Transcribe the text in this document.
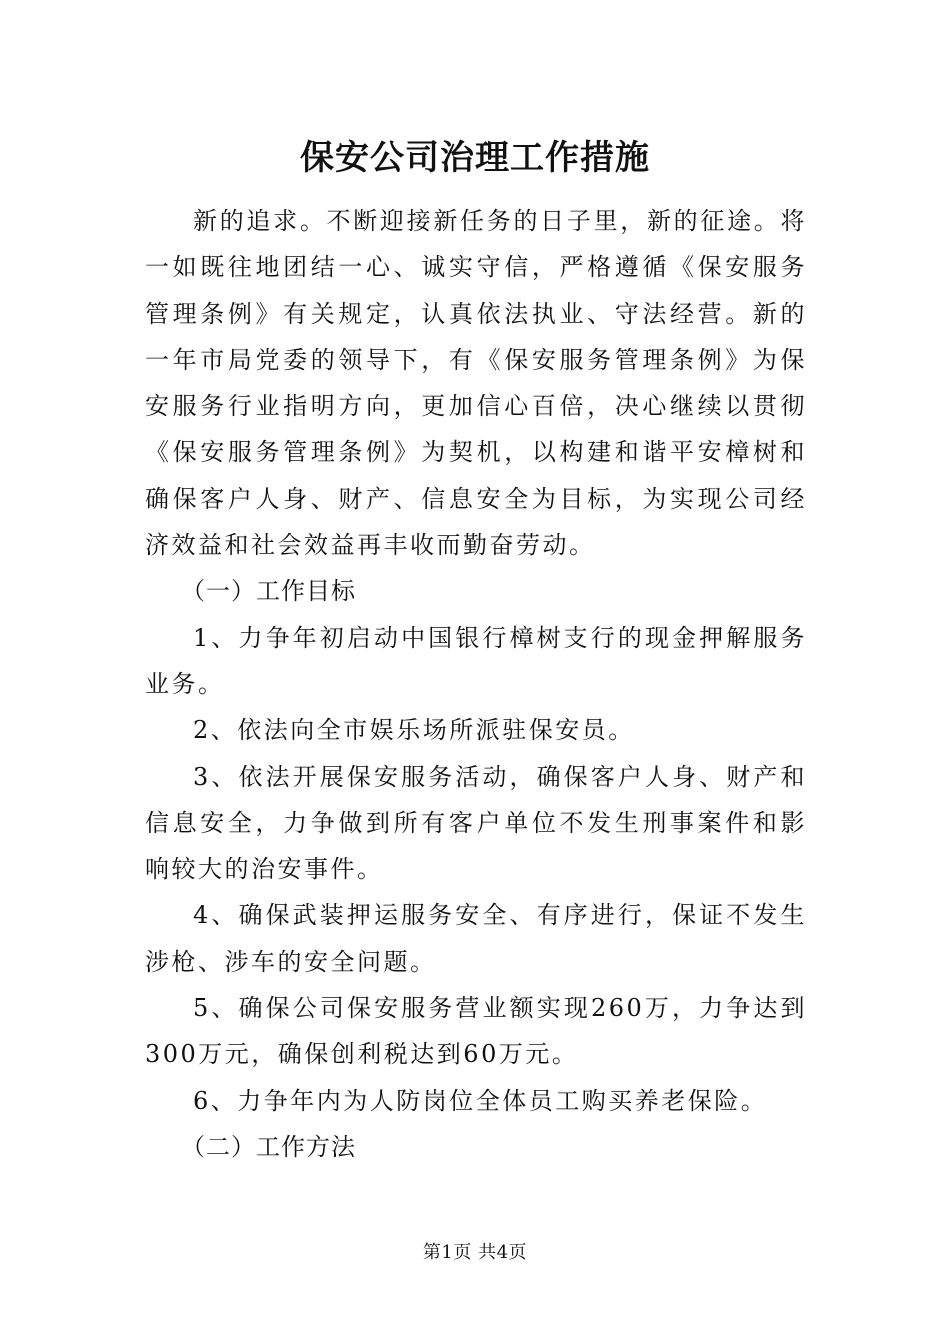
保安公司治理工作措施

新的追求。不断迎接新任务的日子里，新的征途。将一如既往地团结一心、诚实守信，严格遵循《保安服务管理条例》有关规定，认真依法执业、守法经营。新的一年市局党委的领导下，有《保安服务管理条例》为保安服务行业指明方向，更加信心百倍，决心继续以贯彻《保安服务管理条例》为契机，以构建和谐平安樟树和确保客户人身、财产、信息安全为目标，为实现公司经济效益和社会效益再丰收而勤奋劳动。

（一）工作目标

1、力争年初启动中国银行樟树支行的现金押解服务业务。

2、依法向全市娱乐场所派驻保安员。

3、依法开展保安服务活动，确保客户人身、财产和信息安全，力争做到所有客户单位不发生刑事案件和影响较大的治安事件。

4、确保武装押运服务安全、有序进行，保证不发生涉枪、涉车的安全问题。

5、确保公司保安服务营业额实现260万，力争达到300万元，确保创利税达到60万元。

6、力争年内为人防岗位全体员工购买养老保险。

（二）工作方法

第1页 共4页
